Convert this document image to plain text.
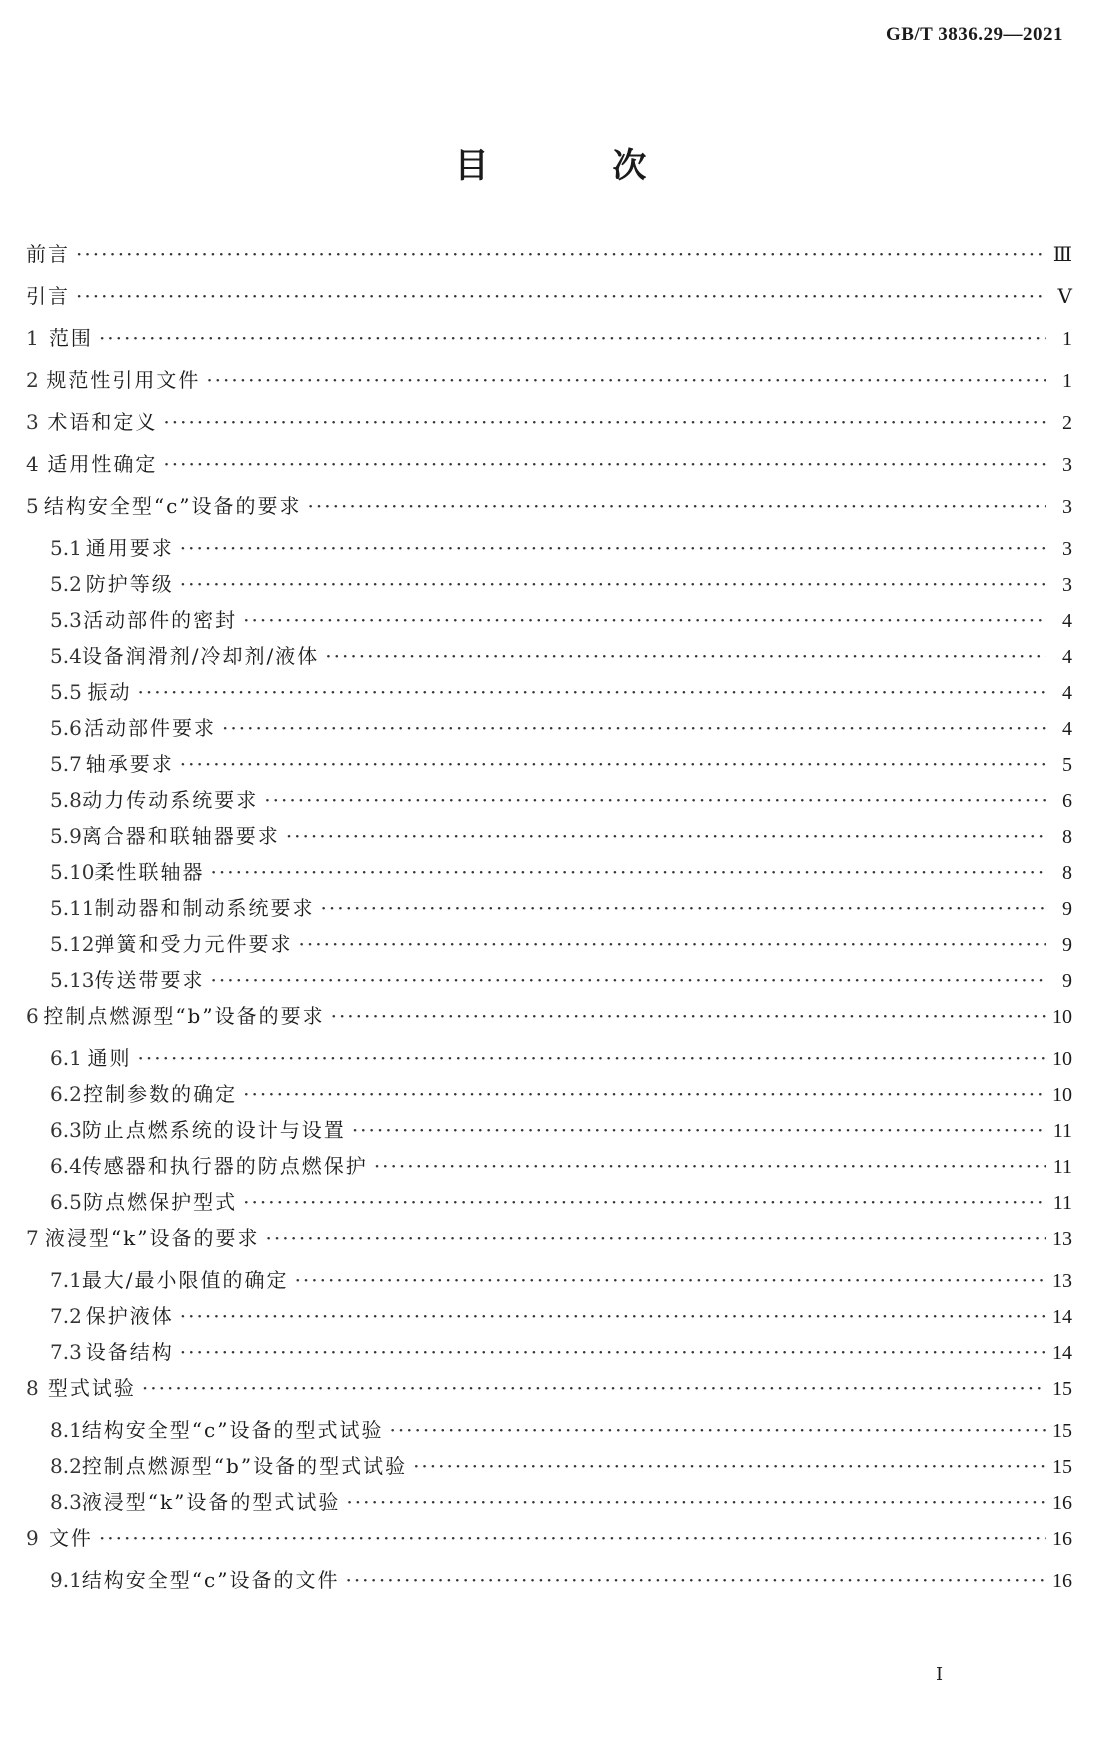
GB/T 3836.29—2021
目 次
前言 ·····	Ⅲ
引言 ·····	Ⅴ
1 范围 ·····	1
2 规范性引用文件 ·····	1
3 术语和定义 ·····	2
4 适用性确定 ·····	3
5 结构安全型“c”设备的要求 ·····	3
5.1 通用要求 ·····	3
5.2 防护等级 ·····	3
5.3 活动部件的密封 ·····	4
5.4 设备润滑剂/冷却剂/液体 ·····	4
5.5 振动 ·····	4
5.6 活动部件要求 ·····	4
5.7 轴承要求 ·····	5
5.8 动力传动系统要求 ·····	6
5.9 离合器和联轴器要求 ·····	8
5.10 柔性联轴器 ·····	8
5.11 制动器和制动系统要求 ·····	9
5.12 弹簧和受力元件要求 ·····	9
5.13 传送带要求 ·····	9
6 控制点燃源型“b”设备的要求 ·····	10
6.1 通则 ·····	10
6.2 控制参数的确定 ·····	10
6.3 防止点燃系统的设计与设置 ·····	11
6.4 传感器和执行器的防点燃保护 ·····	11
6.5 防点燃保护型式 ·····	11
7 液浸型“k”设备的要求 ·····	13
7.1 最大/最小限值的确定 ·····	13
7.2 保护液体 ·····	14
7.3 设备结构 ·····	14
8 型式试验 ·····	15
8.1 结构安全型“c”设备的型式试验 ·····	15
8.2 控制点燃源型“b”设备的型式试验 ·····	15
8.3 液浸型“k”设备的型式试验 ·····	16
9 文件 ·····	16
9.1 结构安全型“c”设备的文件 ·····	16
Ⅰ
